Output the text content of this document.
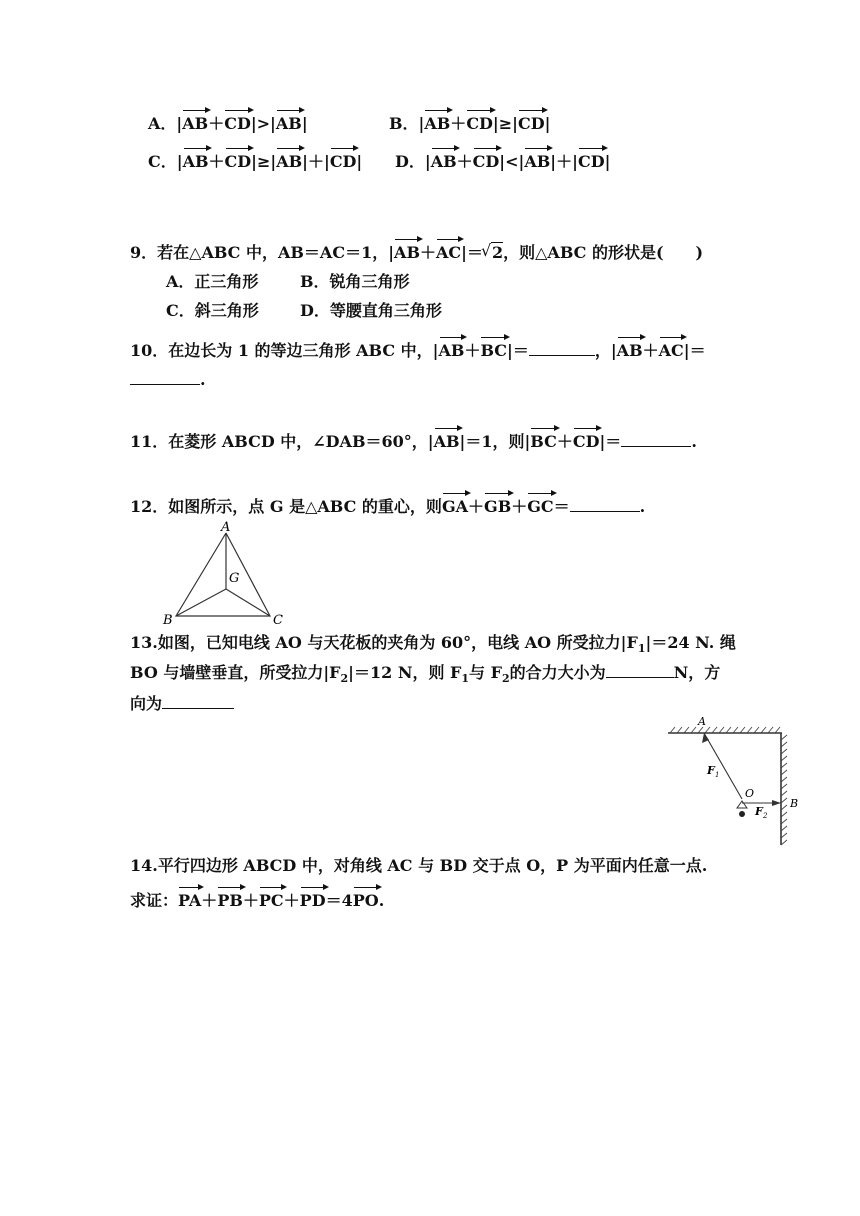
A．|AB＋CD|>|AB|	B．|AB＋CD|≥|CD|
C．|AB＋CD|≥|AB|＋|CD| D．|AB＋CD|<|AB|＋|CD|
9．若在△ABC 中，AB＝AC＝1，|AB＋AC|＝√ 2，则△ABC 的形状是(　　)
A．正三角形	B．锐角三角形
C．斜三角形	D．等腰直角三角形
10．在边长为 1 的等边三角形 ABC 中，|AB＋BC|＝	，|AB＋AC|＝
.
11．在菱形 ABCD 中，∠DAB＝60°，|AB|＝1，则|BC＋CD|＝	.
12．如图所示，点 G 是△ABC 的重心，则GA＋GB＋GC＝	.
A
B	C
G
13.如图，已知电线 AO 与天花板的夹角为 60°，电线 AO 所受拉力$|F_1|=24$ N. 绳
BO 与墙壁垂直，所受拉力$|F_2|=12$ N，则 $F_1$与 $F_2$的合力大小为	N，方
向为
A
O
B
F 1
F 2
14.平行四边形 ABCD 中，对角线 AC 与 BD 交于点 O，P 为平面内任意一点.
求证：PA＋PB＋PC＋PD＝4PO.
